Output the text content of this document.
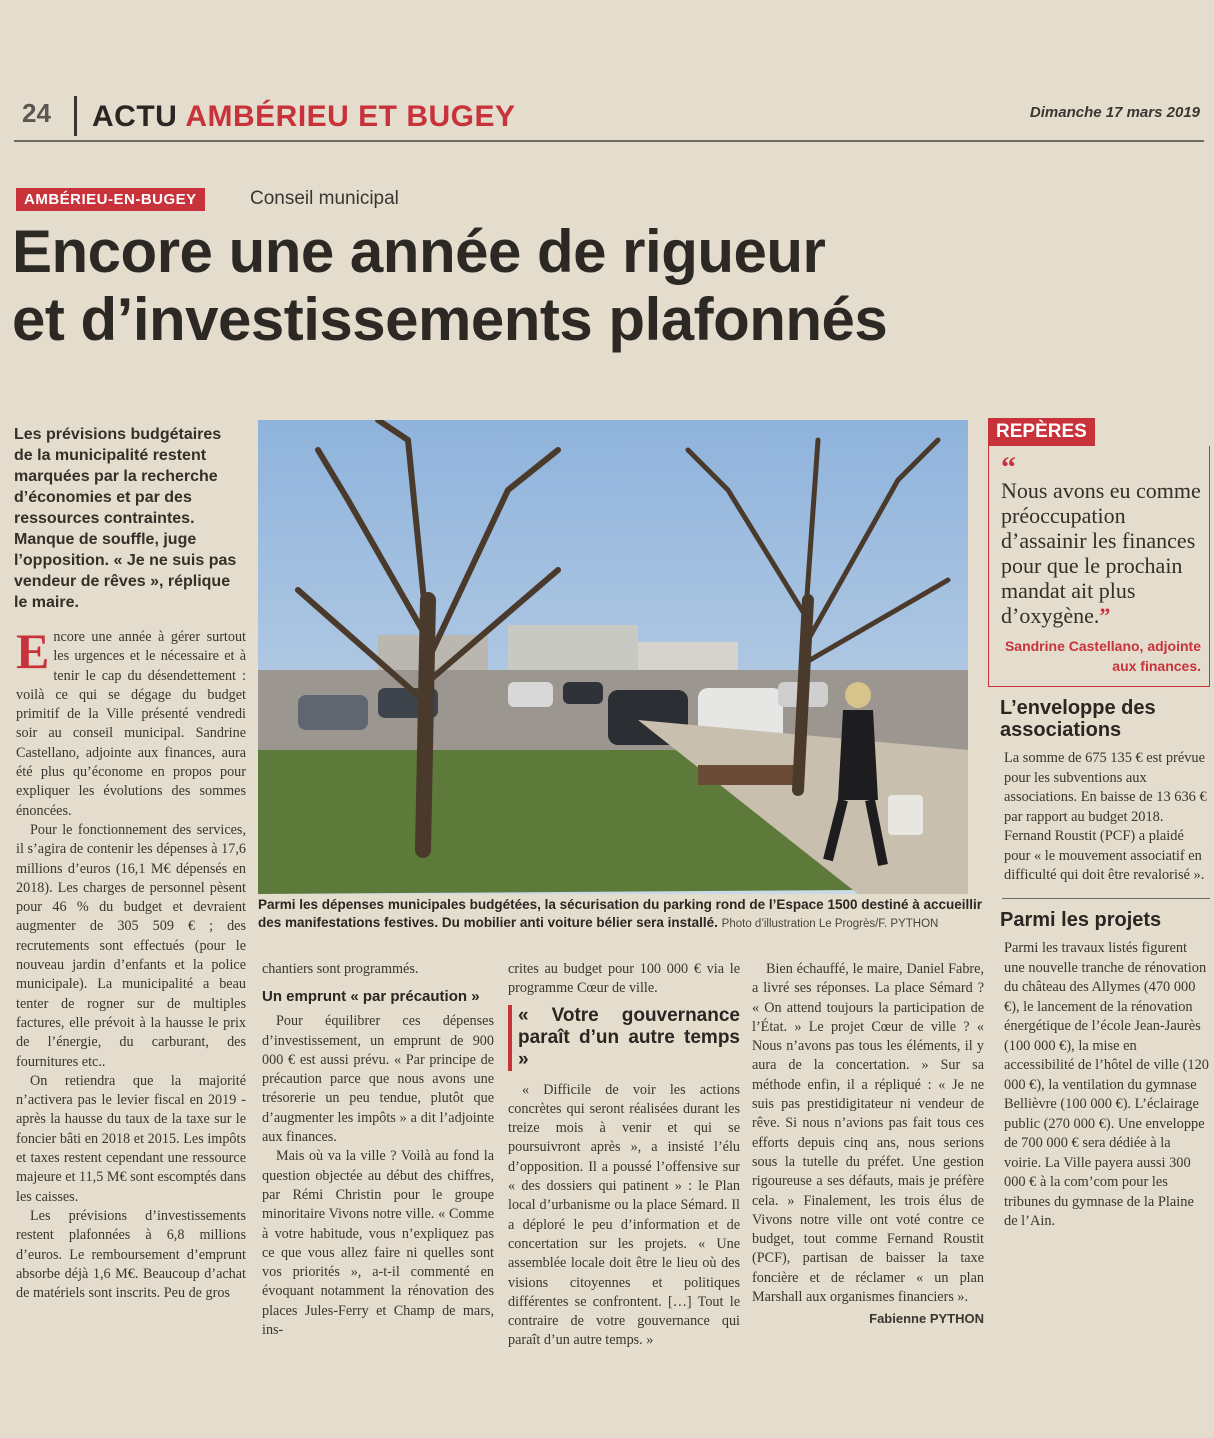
24 ACTU AMBÉRIEU ET BUGEY	Dimanche 17 mars 2019
AMBÉRIEU-EN-BUGEY	Conseil municipal
Encore une année de rigueur
et d’investissements plafonnés

Les prévisions budgétaires de la municipalité restent marquées par la recherche d’économies et par des ressources contraintes. Manque de souffle, juge l’opposition. « Je ne suis pas vendeur de rêves », réplique le maire.

Encore une année à gérer surtout les urgences et le nécessaire et à tenir le cap du désendettement : voilà ce qui se dégage du budget primitif de la Ville présenté vendredi soir au conseil municipal. Sandrine Castellano, adjointe aux finances, aura été plus qu’économe en propos pour expliquer les évolutions des sommes énoncées.

Pour le fonctionnement des services, il s’agira de contenir les dépenses à 17,6 millions d’euros (16,1 M€ dépensés en 2018). Les charges de personnel pèsent pour 46 % du budget et devraient augmenter de 305 509 € ; des recrutements sont effectués (pour le nouveau jardin d’enfants et la police municipale). La municipalité a beau tenter de rogner sur de multiples factures, elle prévoit à la hausse le prix de l’énergie, du carburant, des fournitures etc..

On retiendra que la majorité n’activera pas le levier fiscal en 2019 - après la hausse du taux de la taxe sur le foncier bâti en 2018 et 2015. Les impôts et taxes restent cependant une ressource majeure et 11,5 M€ sont escomptés dans les caisses.

Les prévisions d’investissements restent plafonnées à 6,8 millions d’euros. Le remboursement d’emprunt absorbe déjà 1,6 M€. Beaucoup d’achat de matériels sont inscrits. Peu de gros

Parmi les dépenses municipales budgétées, la sécurisation du parking rond de l’Espace 1500 destiné à accueillir des manifestations festives. Du mobilier anti voiture bélier sera installé. Photo d’illustration Le Progrès/F. PYTHON

chantiers sont programmés.

Un emprunt « par précaution »

Pour équilibrer ces dépenses d’investissement, un emprunt de 900 000 € est aussi prévu. « Par principe de précaution parce que nous avons une trésorerie un peu tendue, plutôt que d’augmenter les impôts » a dit l’adjointe aux finances.

Mais où va la ville ? Voilà au fond la question objectée au début des chiffres, par Rémi Christin pour le groupe minoritaire Vivons notre ville. « Comme à votre habitude, vous n’expliquez pas ce que vous allez faire ni quelles sont vos priorités », a-t-il commenté en évoquant notamment la rénovation des places Jules-Ferry et Champ de mars, ins-

crites au budget pour 100 000 € via le programme Cœur de ville.

« Votre gouvernance paraît d’un autre temps »

« Difficile de voir les actions concrètes qui seront réalisées durant les treize mois à venir et qui se poursuivront après », a insisté l’élu d’opposition. Il a poussé l’offensive sur « des dossiers qui patinent » : le Plan local d’urbanisme ou la place Sémard. Il a déploré le peu d’information et de concertation sur les projets. « Une assemblée locale doit être le lieu où des visions citoyennes et politiques différentes se confrontent. […] Tout le contraire de votre gouvernance qui paraît d’un autre temps. »

Bien échauffé, le maire, Daniel Fabre, a livré ses réponses. La place Sémard ? « On attend toujours la participation de l’État. » Le projet Cœur de ville ? « Nous n’avons pas tous les éléments, il y aura de la concertation. » Sur sa méthode enfin, il a répliqué : « Je ne suis pas prestidigitateur ni vendeur de rêve. Si nous n’avions pas fait tous ces efforts depuis cinq ans, nous serions sous la tutelle du préfet. Une gestion rigoureuse a ses défauts, mais je préfère cela. » Finalement, les trois élus de Vivons notre ville ont voté contre ce budget, tout comme Fernand Roustit (PCF), partisan de baisser la taxe foncière et de réclamer « un plan Marshall aux organismes financiers ».

Fabienne PYTHON
REPÈRES
“

Nous avons eu comme préoccupation d’assainir les finances pour que le prochain mandat ait plus d’oxygène.”

Sandrine Castellano, adjointe aux finances.

L’enveloppe des associations

La somme de 675 135 € est prévue pour les subventions aux associations. En baisse de 13 636 € par rapport au budget 2018. Fernand Roustit (PCF) a plaidé pour « le mouvement associatif en difficulté qui doit être revalorisé ».

Parmi les projets

Parmi les travaux listés figurent une nouvelle tranche de rénovation du château des Allymes (470 000 €), le lancement de la rénovation énergétique de l’école Jean-Jaurès (100 000 €), la mise en accessibilité de l’hôtel de ville (120 000 €), la ventilation du gymnase Bellièvre (100 000 €). L’éclairage public (270 000 €). Une enveloppe de 700 000 € sera dédiée à la voirie. La Ville payera aussi 300 000 € à la com’com pour les tribunes du gymnase de la Plaine de l’Ain.
